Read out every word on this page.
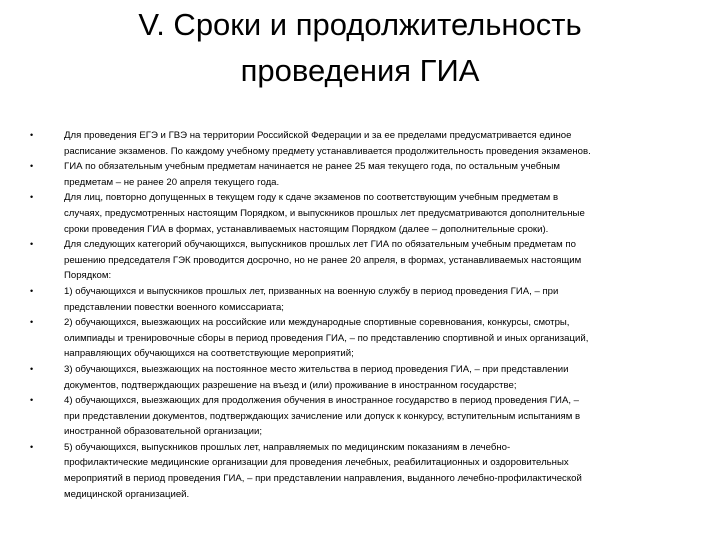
V. Сроки и продолжительность
проведения ГИА
•	Для проведения ЕГЭ и ГВЭ на территории Российской Федерации и за ее пределами предусматривается единое
расписание экзаменов. По каждому учебному предмету устанавливается продолжительность проведения экзаменов.
•	ГИА по обязательным учебным предметам начинается не ранее 25 мая текущего года, по остальным учебным
предметам – не ранее 20 апреля текущего года.
•	Для лиц, повторно допущенных в текущем году к сдаче экзаменов по соответствующим учебным предметам в
случаях, предусмотренных настоящим Порядком, и выпускников прошлых лет предусматриваются дополнительные
сроки проведения ГИА в формах, устанавливаемых настоящим Порядком (далее – дополнительные сроки).
•	Для следующих категорий обучающихся, выпускников прошлых лет ГИА по обязательным учебным предметам по
решению председателя ГЭК проводится досрочно, но не ранее 20 апреля, в формах, устанавливаемых настоящим
Порядком:
•	1) обучающихся и выпускников прошлых лет, призванных на военную службу в период проведения ГИА, – при
представлении повестки военного комиссариата;
•	2) обучающихся, выезжающих на российские или международные спортивные соревнования, конкурсы, смотры,
олимпиады и тренировочные сборы в период проведения ГИА, – по представлению спортивной и иных организаций,
направляющих обучающихся на соответствующие мероприятий;
•	3) обучающихся, выезжающих на постоянное место жительства в период проведения ГИА, – при представлении
документов, подтверждающих разрешение на въезд и (или) проживание в иностранном государстве;
•	4) обучающихся, выезжающих для продолжения обучения в иностранное государство в период проведения ГИА, –
при представлении документов, подтверждающих зачисление или допуск к конкурсу, вступительным испытаниям в
иностранной образовательной организации;
•	5) обучающихся, выпускников прошлых лет, направляемых по медицинским показаниям в лечебно-
профилактические медицинские организации для проведения лечебных, реабилитационных и оздоровительных
мероприятий в период проведения ГИА, – при представлении направления, выданного лечебно-профилактической
медицинской организацией.
